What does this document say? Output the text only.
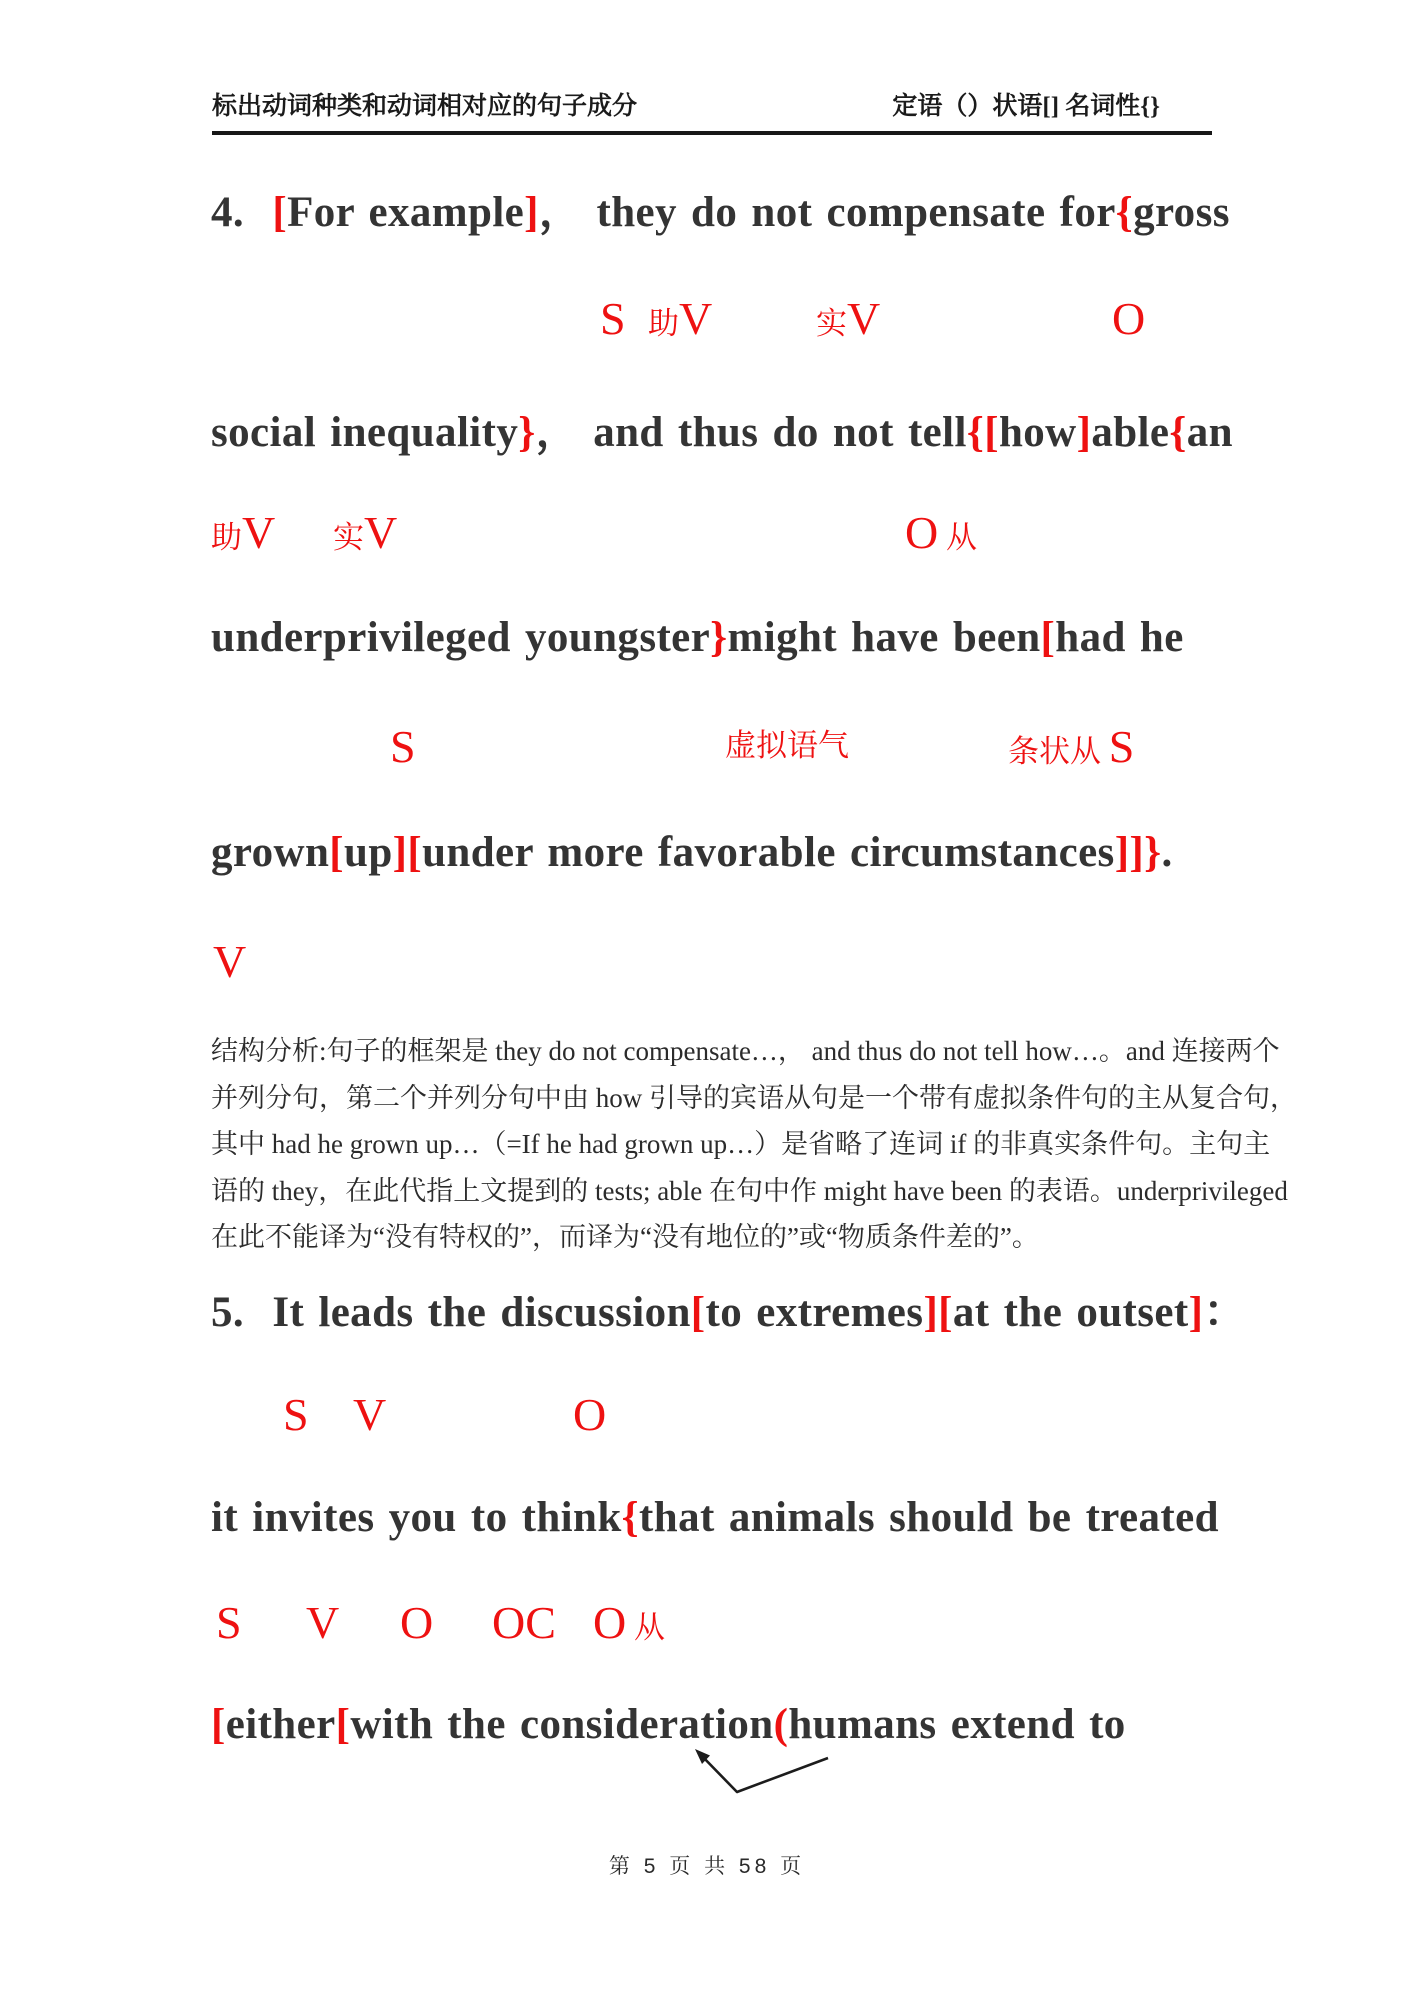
标出动词种类和动词相对应的句子成分	定语（）状语[] 名词性{}
4.  [For example]， they do not compensate for{gross
S 助V	实V	O
social inequality}， and thus do not tell{[how]able{an
助V 实V	O 从
underprivileged youngster}might have been[had he
S	虚拟语气	条状从 S
grown[up][under more favorable circumstances]]}.
V
结构分析:句子的框架是 they do not compensate…， and thus do not tell how…。and 连接两个
并列分句，第二个并列分句中由 how 引导的宾语从句是一个带有虚拟条件句的主从复合句，
其中 had he grown up…（=If he had grown up…）是省略了连词 if 的非真实条件句。主句主
语的 they，在此代指上文提到的 tests; able 在句中作 might have been 的表语。underprivileged
在此不能译为“没有特权的”，而译为“没有地位的”或“物质条件差的”。
5.  It leads the discussion[to extremes][at the outset]：
S V	O
it invites you to think{that animals should be treated
S V O OC O 从
[either[with the consideration(humans extend to
第 5 页 共 58 页
